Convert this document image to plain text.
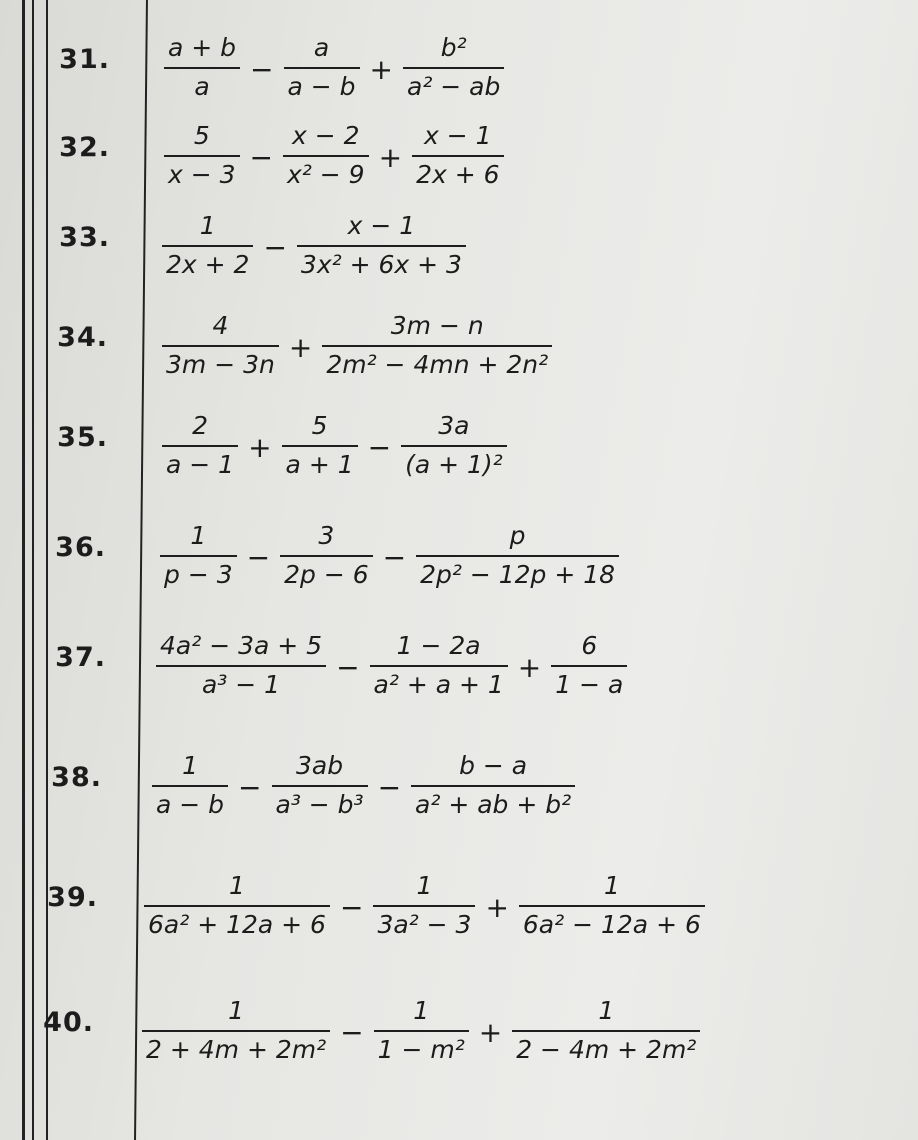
31. $\frac{a + b}{a} - \frac{a}{a - b} + \frac{\text{b²}}{\text{a² − ab}}$
32. $\frac{5}{x - 3} - \frac{x - 2}{\text{x² − 9}} + \frac{x - 1}{2x + 6}$
33. $\frac{1}{2x + 2} - \frac{x - 1}{\text{3x² + 6x + 3}}$
34. $\frac{4}{3m - 3n} + \frac{3m - n}{\text{2m² − 4mn + 2n²}}$
35. $\frac{2}{a - 1} + \frac{5}{a + 1} - \frac{3a}{\text{(a + 1)²}}$
36. $\frac{1}{p - 3} - \frac{3}{2p - 6} - \frac{p}{\text{2p² − 12p + 18}}$
37. $\frac{\text{4a² − 3a + 5}}{\text{a³ − 1}} - \frac{1 - 2a}{\text{a² + a + 1}} + \frac{6}{1 - a}$
38. $\frac{1}{a - b} - \frac{3ab}{\text{a³ − b³}} - \frac{b - a}{\text{a² + ab + b²}}$
39. $\frac{1}{\text{6a² + 12a + 6}} - \frac{1}{\text{3a² − 3}} + \frac{1}{\text{6a² − 12a + 6}}$
40. $\frac{1}{\text{2 + 4m + 2m²}} - \frac{1}{\text{1 − m²}} + \frac{1}{\text{2 − 4m + 2m²}}$
